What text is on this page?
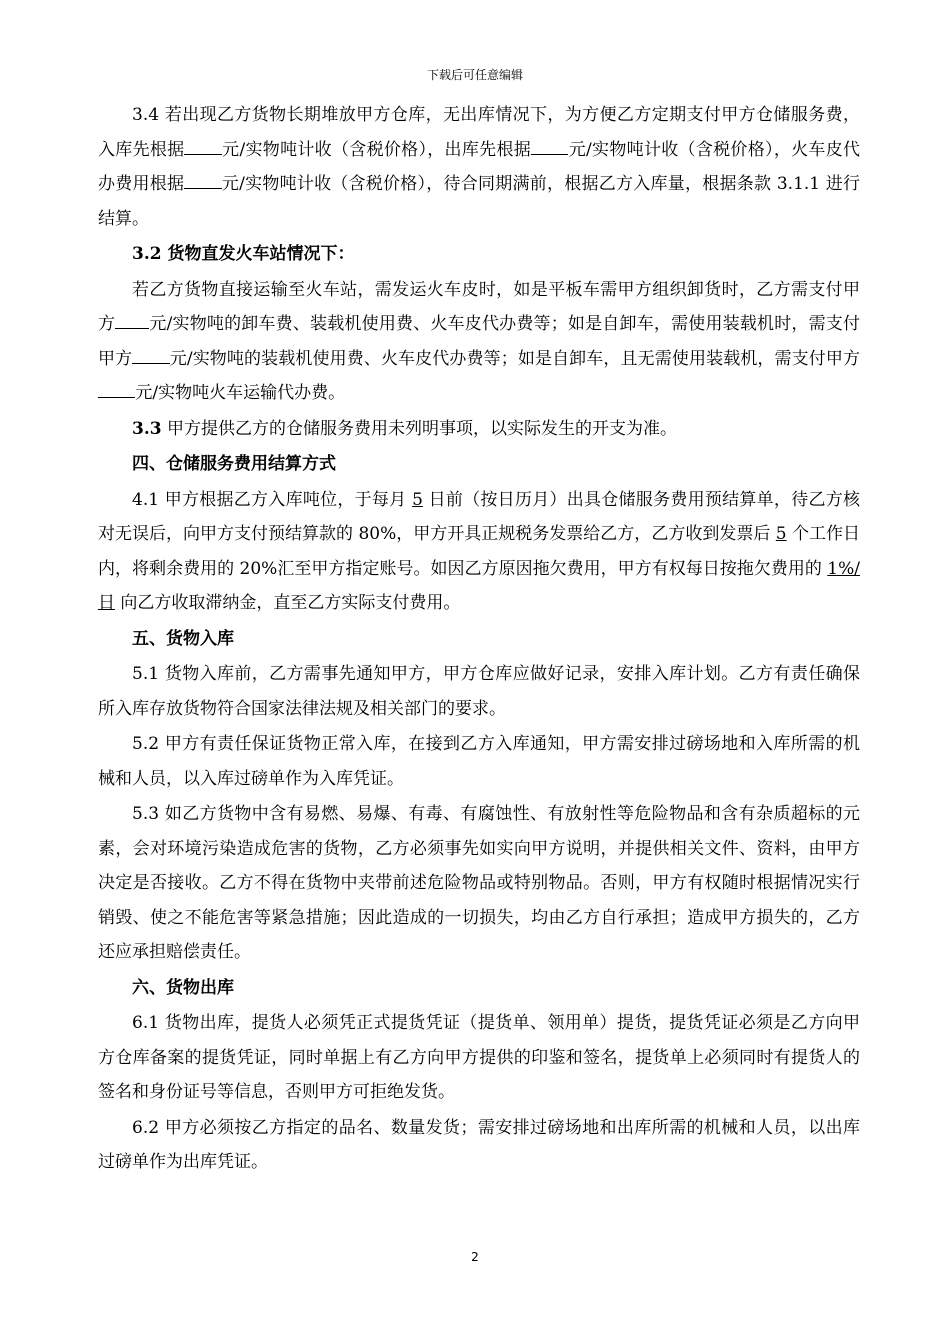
下载后可任意编辑

3.4 若出现乙方货物长期堆放甲方仓库，无出库情况下，为方便乙方定期支付甲方仓储服务费，入库先根据 元/实物吨计收（含税价格），出库先根据 元/实物吨计收（含税价格），火车皮代办费用根据 元/实物吨计收（含税价格），待合同期满前，根据乙方入库量，根据条款 3.1.1 进行结算。

3.2 货物直发火车站情况下：

若乙方货物直接运输至火车站，需发运火车皮时，如是平板车需甲方组织卸货时，乙方需支付甲方 元/实物吨的卸车费、装载机使用费、火车皮代办费等；如是自卸车，需使用装载机时，需支付甲方 元/实物吨的装载机使用费、火车皮代办费等；如是自卸车，且无需使用装载机，需支付甲方元/实物吨火车运输代办费。

3.3 甲方提供乙方的仓储服务费用未列明事项，以实际发生的开支为准。

四、仓储服务费用结算方式

4.1 甲方根据乙方入库吨位，于每月 5 日前（按日历月）出具仓储服务费用预结算单，待乙方核对无误后，向甲方支付预结算款的 80%，甲方开具正规税务发票给乙方，乙方收到发票后 5 个工作日内，将剩余费用的 20%汇至甲方指定账号。如因乙方原因拖欠费用，甲方有权每日按拖欠费用的 1%/日 向乙方收取滞纳金，直至乙方实际支付费用。

五、货物入库

5.1 货物入库前，乙方需事先通知甲方，甲方仓库应做好记录，安排入库计划。乙方有责任确保所入库存放货物符合国家法律法规及相关部门的要求。

5.2 甲方有责任保证货物正常入库，在接到乙方入库通知，甲方需安排过磅场地和入库所需的机械和人员，以入库过磅单作为入库凭证。

5.3 如乙方货物中含有易燃、易爆、有毒、有腐蚀性、有放射性等危险物品和含有杂质超标的元素，会对环境污染造成危害的货物，乙方必须事先如实向甲方说明，并提供相关文件、资料，由甲方决定是否接收。乙方不得在货物中夹带前述危险物品或特别物品。否则，甲方有权随时根据情况实行销毁、使之不能危害等紧急措施；因此造成的一切损失，均由乙方自行承担；造成甲方损失的，乙方还应承担赔偿责任。

六、货物出库

6.1 货物出库，提货人必须凭正式提货凭证（提货单、领用单）提货，提货凭证必须是乙方向甲方仓库备案的提货凭证，同时单据上有乙方向甲方提供的印鉴和签名，提货单上必须同时有提货人的签名和身份证号等信息，否则甲方可拒绝发货。

6.2 甲方必须按乙方指定的品名、数量发货；需安排过磅场地和出库所需的机械和人员，以出库过磅单作为出库凭证。

2
